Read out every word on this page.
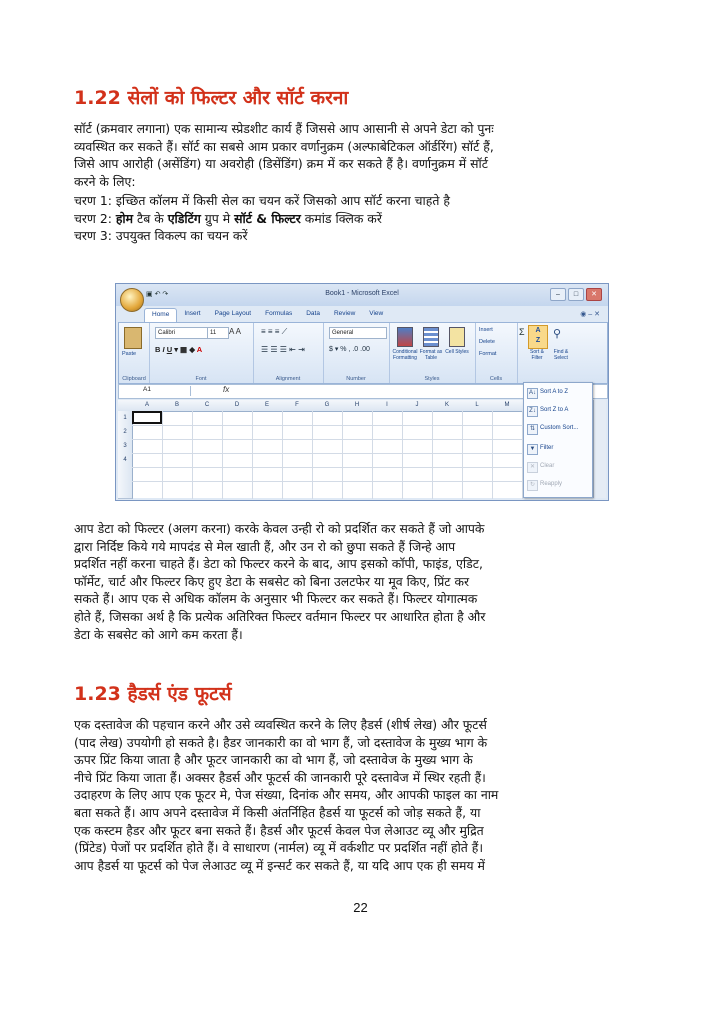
1.22 सेलों को फिल्टर और सॉर्ट करना
सॉर्ट (क्रमवार लगाना) एक सामान्य स्प्रेडशीट कार्य हैं जिससे आप आसानी से अपने डेटा को पुनः
व्यवस्थित कर सकते हैं। सॉर्ट का सबसे आम प्रकार वर्णानुक्रम (अल्फाबेटिकल ऑर्डरिंग) सॉर्ट हैं,
जिसे आप आरोही (असेंडिंग) या अवरोही (डिसेंडिंग) क्रम में कर सकते हैं है। वर्णानुक्रम में सॉर्ट
करने के लिए:
चरण 1: इच्छित कॉलम में किसी सेल का चयन करें जिसको आप सॉर्ट करना चाहते है
चरण 2: होम टैब के एडिटिंग ग्रुप मे सॉर्ट & फिल्टर कमांड क्लिक करें
चरण 3: उपयुक्त विकल्प का चयन करें
Book1 - Microsoft Excel
▣ ↶ ↷	–	□	✕
Home	Insert	Page Layout	Formulas	Data	Review	View	◉ – ✕
Paste
Clipboard
Calibri	11	A A
B I U ▾ ▦ ◆ A
Font
≡ ≡ ≡ ⟋
☰ ☰ ☰ ⇤ ⇥
Alignment
General
$ ▾ % , .0 .00
Number
Conditional Formatting
Format as Table
Cell Styles
Styles
Insert
Delete
Format
Cells
Σ	A
Z
⚲
Sort & Filter
Find & Select
A1	fx
A	B	C	D	E	F	G	H	I	J	K	L	M
1
2
3
4
A↓ Sort A to Z
Z↓ Sort Z to A
⇅ Custom Sort...
▼ Filter
✕ Clear
↻ Reapply
आप डेटा को फिल्टर (अलग करना) करके केवल उन्ही रो को प्रदर्शित कर सकते हैं जो आपके
द्वारा निर्दिष्ट किये गये मापदंड से मेल खाती हैं, और उन रो को छुपा सकते हैं जिन्हे आप
प्रदर्शित नहीं करना चाहते हैं। डेटा को फिल्टर करने के बाद, आप इसको कॉपी, फाइंड, एडिट,
फॉर्मेट, चार्ट और फिल्टर किए हुए डेटा के सबसेट को बिना उलटफेर या मूव किए, प्रिंट कर
सकते हैं। आप एक से अधिक कॉलम के अनुसार भी फिल्टर कर सकते हैं। फिल्टर योगात्मक
होते हैं, जिसका अर्थ है कि प्रत्येक अतिरिक्त फिल्टर वर्तमान फिल्टर पर आधारित होता है और
डेटा के सबसेट को आगे कम करता हैं।
1.23 हैडर्स एंड फूटर्स
एक दस्तावेज की पहचान करने और उसे व्यवस्थित करने के लिए हैडर्स (शीर्ष लेख) और फूटर्स
(पाद लेख) उपयोगी हो सकते है। हैडर जानकारी का वो भाग हैं, जो दस्तावेज के मुख्य भाग के
ऊपर प्रिंट किया जाता है और फूटर जानकारी का वो भाग हैं, जो दस्तावेज के मुख्य भाग के
नीचे प्रिंट किया जाता हैं। अक्सर हैडर्स और फूटर्स की जानकारी पूरे दस्तावेज में स्थिर रहती हैं।
उदाहरण के लिए आप एक फूटर मे, पेज संख्या, दिनांक और समय, और आपकी फाइल का नाम
बता सकते हैं। आप अपने दस्तावेज में किसी अंतर्निहित हैडर्स या फूटर्स को जोड़ सकते हैं, या
एक कस्टम हैडर और फूटर बना सकते हैं। हैडर्स और फूटर्स केवल पेज लेआउट व्यू और मुद्रित
(प्रिंटेड) पेजों पर प्रदर्शित होते हैं। वे साधारण (नार्मल) व्यू में वर्कशीट पर प्रदर्शित नहीं होते हैं।
आप हैडर्स या फूटर्स को पेज लेआउट व्यू में इन्सर्ट कर सकते हैं, या यदि आप एक ही समय में
22
